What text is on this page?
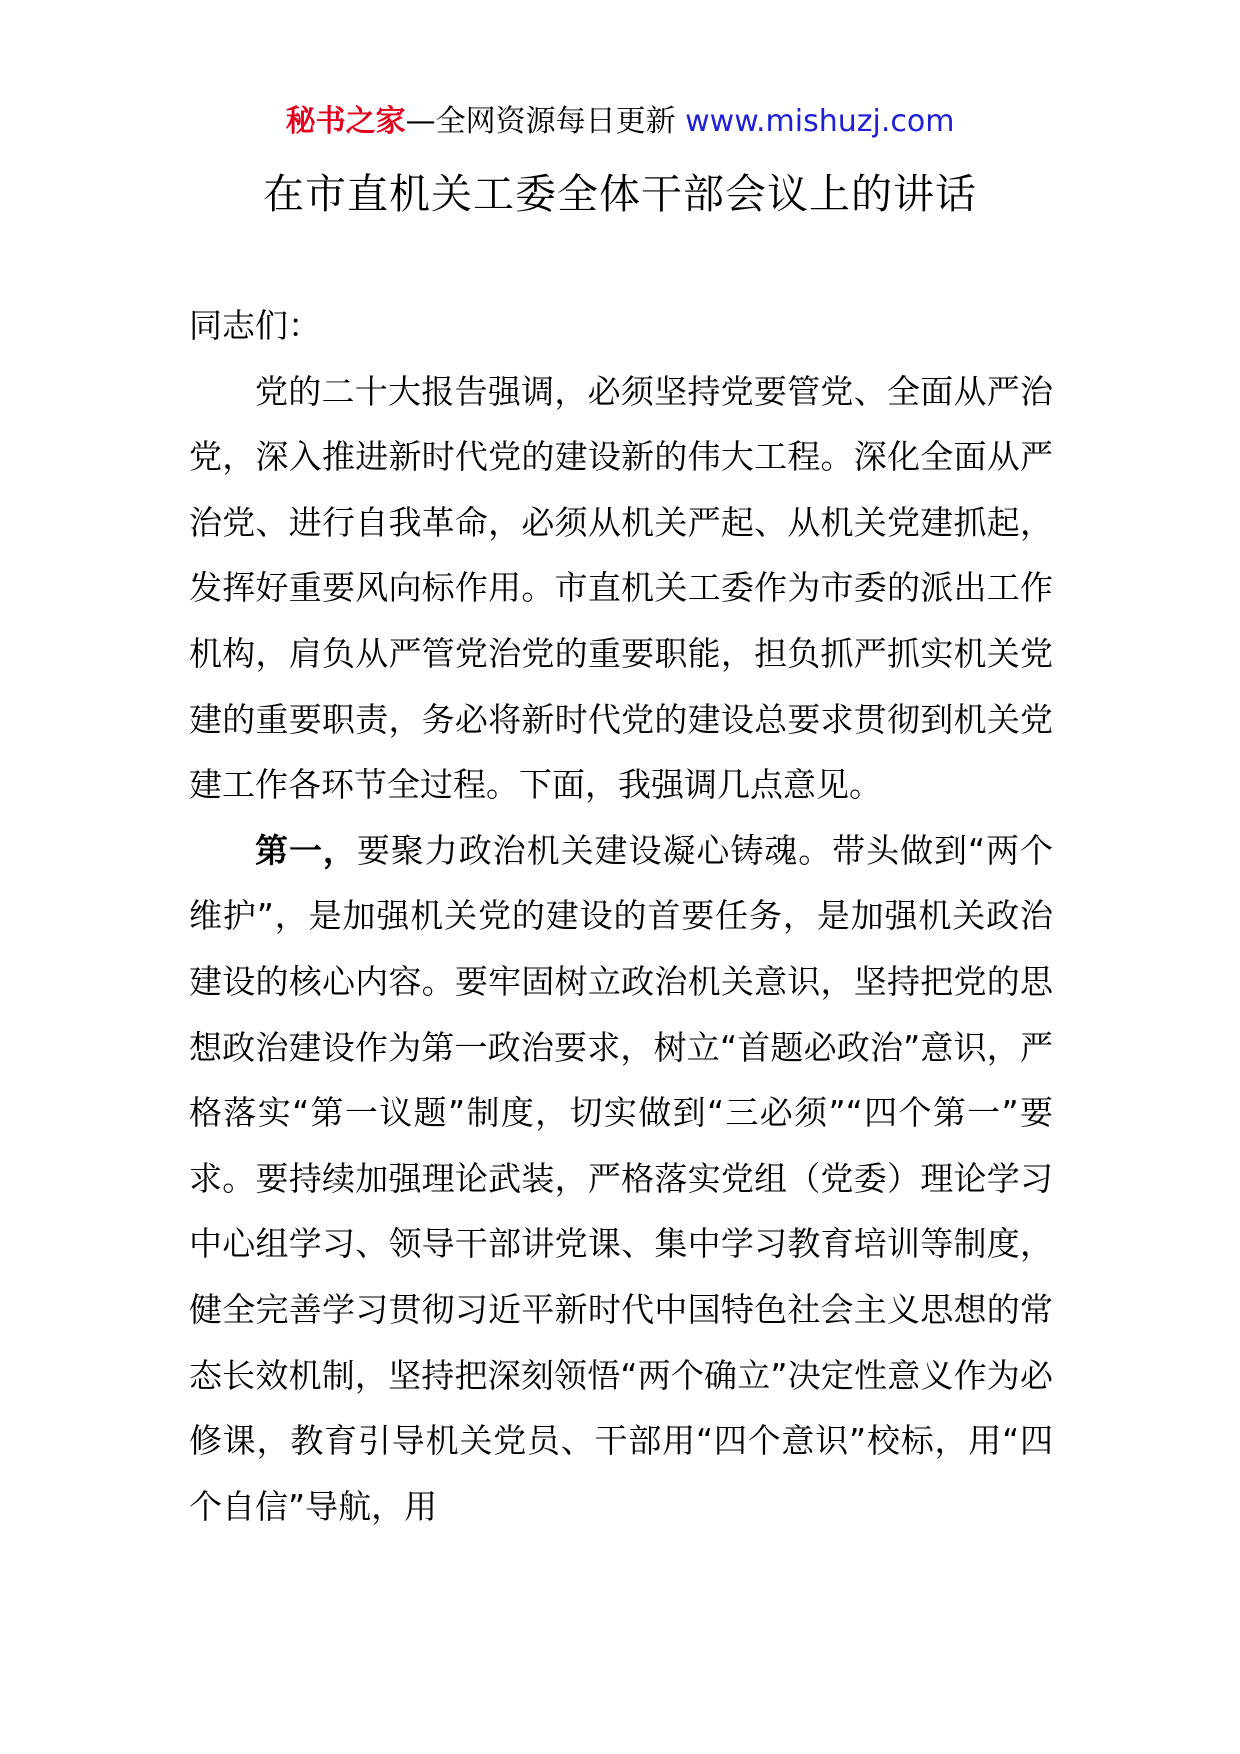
秘书之家—全网资源每日更新 www.mishuzj.com
在市直机关工委全体干部会议上的讲话

同志们：

党的二十大报告强调，必须坚持党要管党、全面从严治党，深入推进新时代党的建设新的伟大工程。深化全面从严治党、进行自我革命，必须从机关严起、从机关党建抓起，发挥好重要风向标作用。市直机关工委作为市委的派出工作机构，肩负从严管党治党的重要职能，担负抓严抓实机关党建的重要职责，务必将新时代党的建设总要求贯彻到机关党建工作各环节全过程。下面，我强调几点意见。

第一，要聚力政治机关建设凝心铸魂。带头做到“两个维护”，是加强机关党的建设的首要任务，是加强机关政治建设的核心内容。要牢固树立政治机关意识，坚持把党的思想政治建设作为第一政治要求，树立“首题必政治”意识，严格落实“第一议题”制度，切实做到“三必须”“四个第一”要求。要持续加强理论武装，严格落实党组（党委）理论学习中心组学习、领导干部讲党课、集中学习教育培训等制度，健全完善学习贯彻习近平新时代中国特色社会主义思想的常态长效机制，坚持把深刻领悟“两个确立”决定性意义作为必修课，教育引导机关党员、干部用“四个意识”校标，用“四个自信”导航，用
